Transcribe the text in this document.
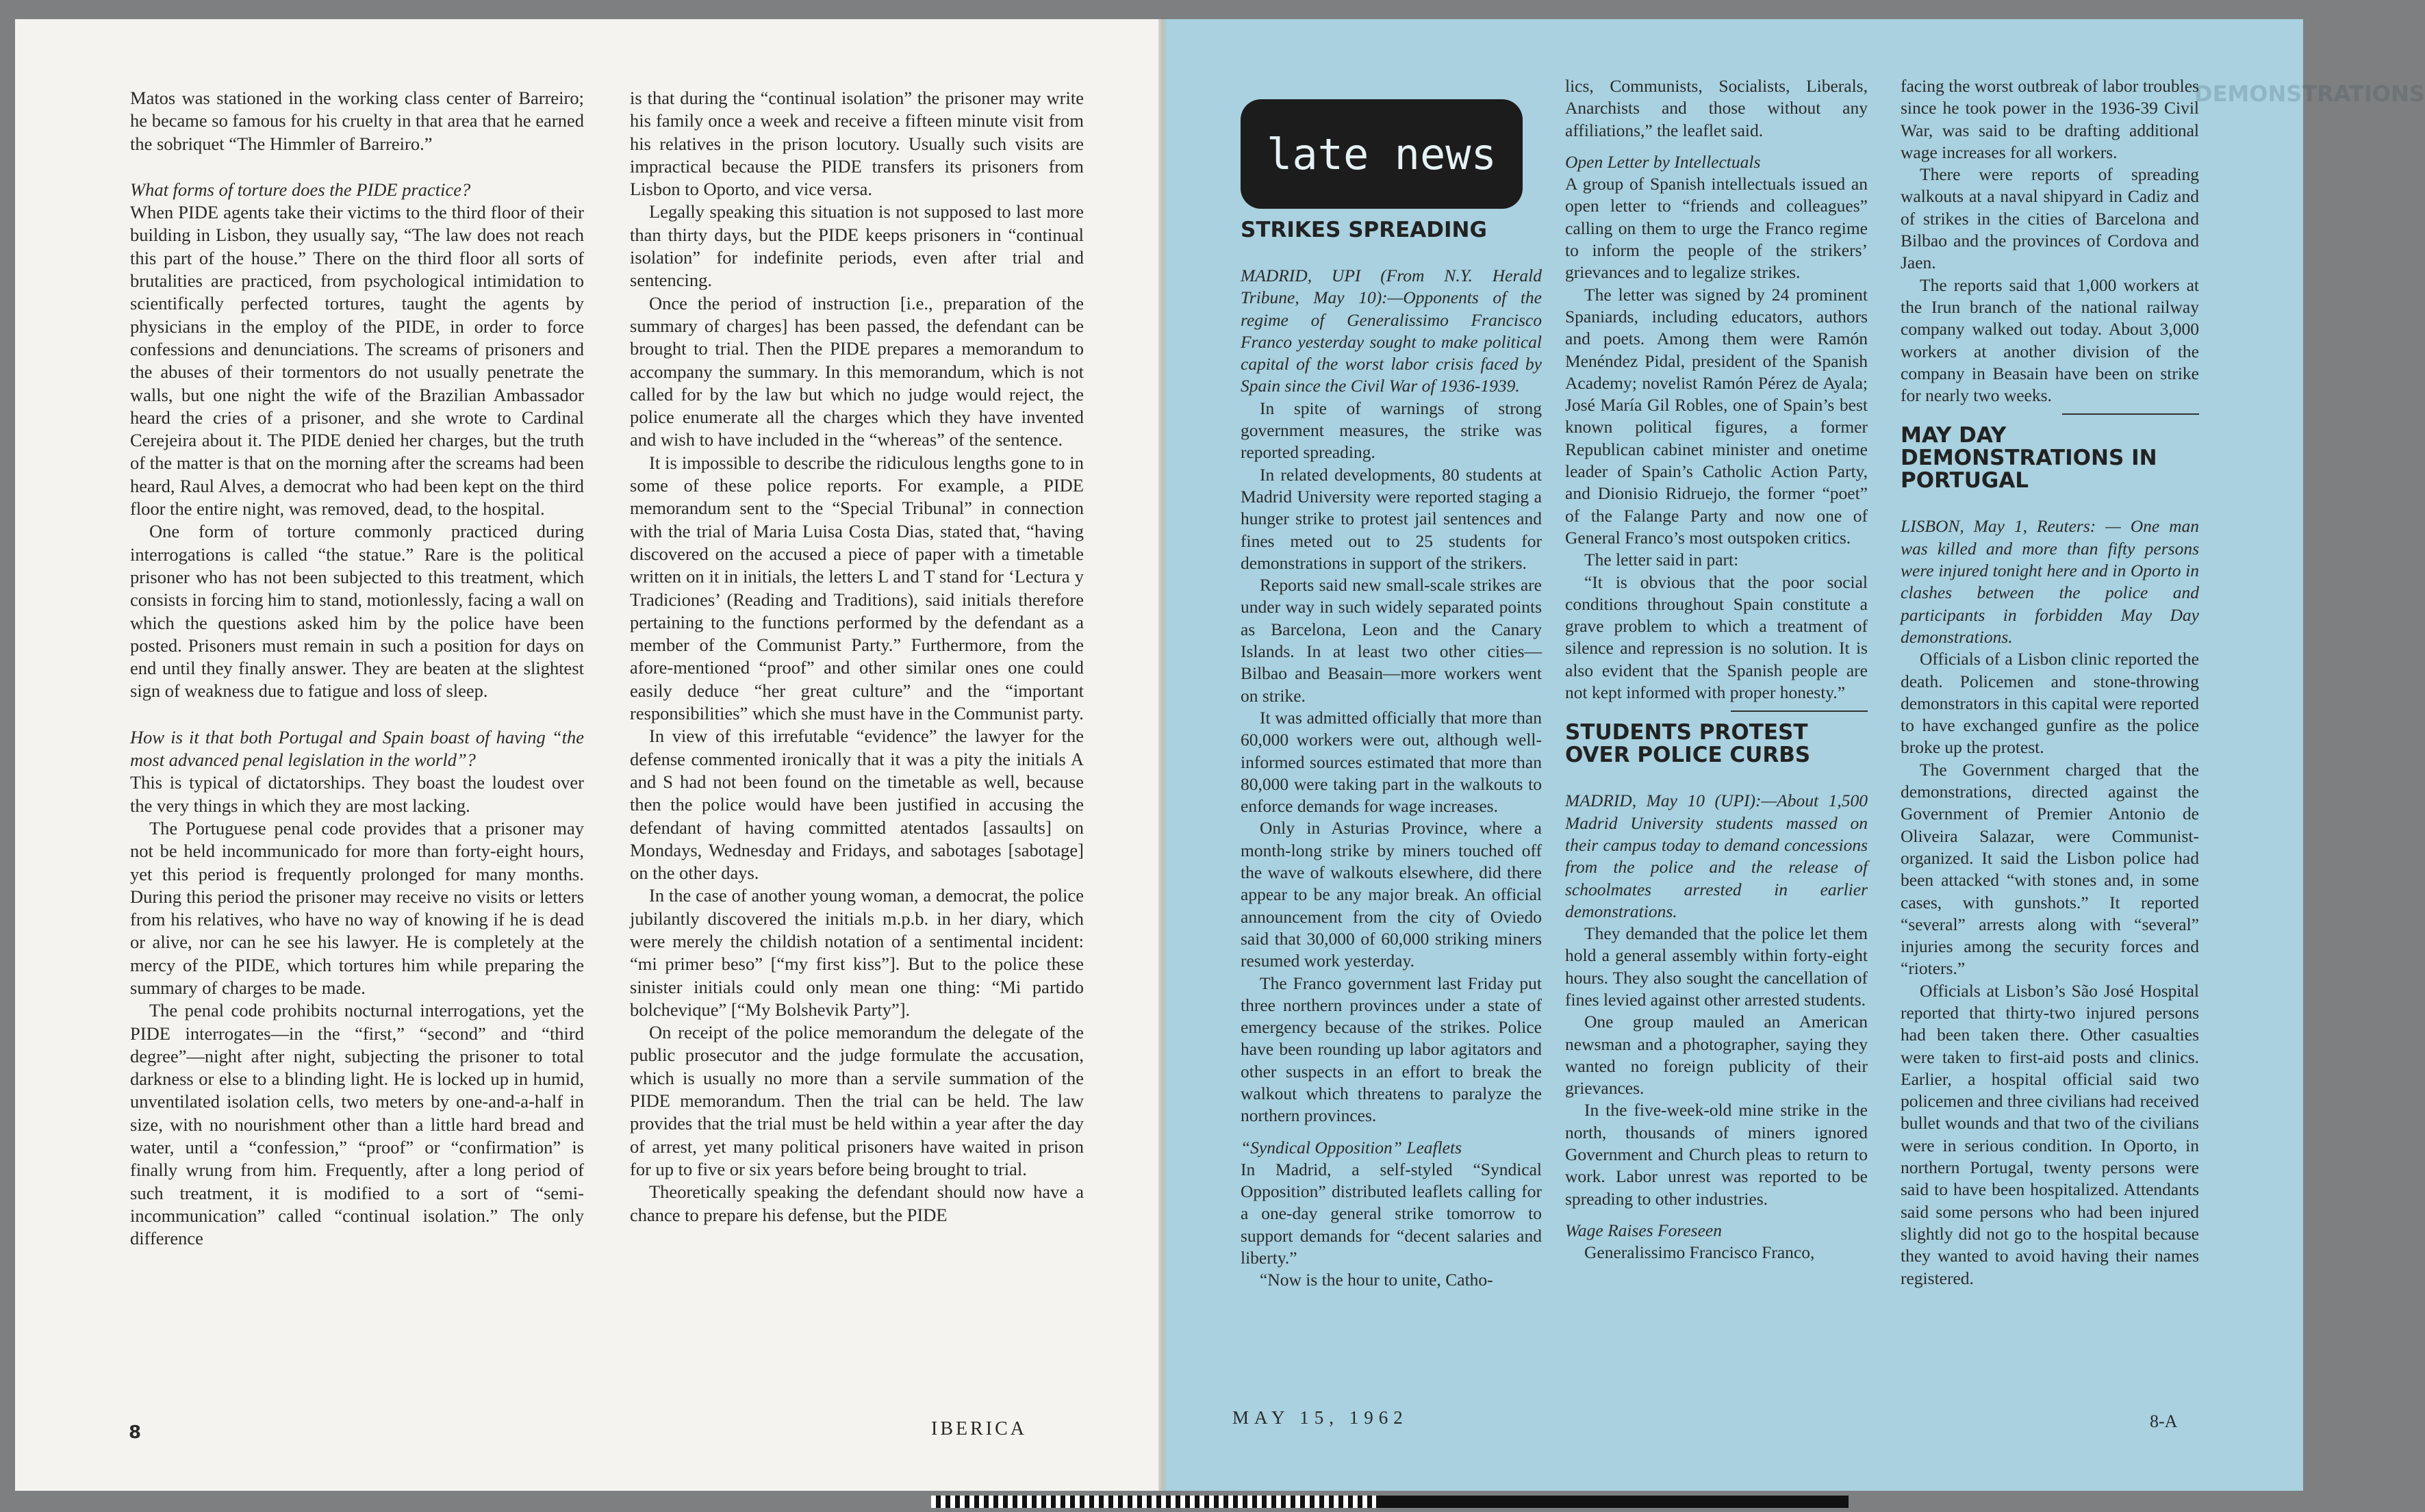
Matos was stationed in the working class center of Barreiro; he became so famous for his cruelty in that area that he earned the sobriquet “The Himmler of Barreiro.”

What forms of torture does the PIDE practice?

When PIDE agents take their victims to the third floor of their building in Lisbon, they usually say, “The law does not reach this part of the house.” There on the third floor all sorts of brutalities are practiced, from psychological intimidation to scientifically perfected tortures, taught the agents by physicians in the employ of the PIDE, in order to force confessions and denunciations. The screams of prisoners and the abuses of their tormentors do not usually penetrate the walls, but one night the wife of the Brazilian Ambassador heard the cries of a prisoner, and she wrote to Cardinal Cerejeira about it. The PIDE denied her charges, but the truth of the matter is that on the morning after the screams had been heard, Raul Alves, a democrat who had been kept on the third floor the entire night, was removed, dead, to the hospital.

One form of torture commonly practiced during interrogations is called “the statue.” Rare is the political prisoner who has not been subjected to this treatment, which consists in forcing him to stand, motionlessly, facing a wall on which the questions asked him by the police have been posted. Prisoners must remain in such a position for days on end until they finally answer. They are beaten at the slightest sign of weakness due to fatigue and loss of sleep.

How is it that both Portugal and Spain boast of having “the most advanced penal legislation in the world”?

This is typical of dictatorships. They boast the loudest over the very things in which they are most lacking.

The Portuguese penal code provides that a prisoner may not be held incommunicado for more than forty-eight hours, yet this period is frequently prolonged for many months. During this period the prisoner may receive no visits or letters from his relatives, who have no way of knowing if he is dead or alive, nor can he see his lawyer. He is completely at the mercy of the PIDE, which tortures him while preparing the summary of charges to be made.

The penal code prohibits nocturnal interrogations, yet the PIDE interrogates—in the “first,” “second” and “third degree”—night after night, subjecting the prisoner to total darkness or else to a blinding light. He is locked up in humid, unventilated isolation cells, two meters by one-and-a-half in size, with no nourishment other than a little hard bread and water, until a “confession,” “proof” or “confirmation” is finally wrung from him. Frequently, after a long period of such treatment, it is modified to a sort of “semi-incommunication” called “continual isolation.” The only difference

is that during the “continual isolation” the prisoner may write his family once a week and receive a fifteen minute visit from his relatives in the prison locutory. Usually such visits are impractical because the PIDE transfers its prisoners from Lisbon to Oporto, and vice versa.

Legally speaking this situation is not supposed to last more than thirty days, but the PIDE keeps prisoners in “continual isolation” for indefinite periods, even after trial and sentencing.

Once the period of instruction [i.e., preparation of the summary of charges] has been passed, the defendant can be brought to trial. Then the PIDE prepares a memorandum to accompany the summary. In this memorandum, which is not called for by the law but which no judge would reject, the police enumerate all the charges which they have invented and wish to have included in the “whereas” of the sentence.

It is impossible to describe the ridiculous lengths gone to in some of these police reports. For example, a PIDE memorandum sent to the “Special Tribunal” in connection with the trial of Maria Luisa Costa Dias, stated that, “having discovered on the accused a piece of paper with a timetable written on it in initials, the letters L and T stand for ‘Lectura y Tradiciones’ (Reading and Traditions), said initials therefore pertaining to the functions performed by the defendant as a member of the Communist Party.” Furthermore, from the afore-mentioned “proof” and other similar ones one could easily deduce “her great culture” and the “important responsibilities” which she must have in the Communist party.

In view of this irrefutable “evidence” the lawyer for the defense commented ironically that it was a pity the initials A and S had not been found on the timetable as well, because then the police would have been justified in accusing the defendant of having committed atentados [assaults] on Mondays, Wednesday and Fridays, and sabotages [sabotage] on the other days.

In the case of another young woman, a democrat, the police jubilantly discovered the initials m.p.b. in her diary, which were merely the childish notation of a sentimental incident: “mi primer beso” [“my first kiss”]. But to the police these sinister initials could only mean one thing: “Mi partido bolchevique” [“My Bolshevik Party”].

On receipt of the police memorandum the delegate of the public prosecutor and the judge formulate the accusation, which is usually no more than a servile summation of the PIDE memorandum. Then the trial can be held. The law provides that the trial must be held within a year after the day of arrest, yet many political prisoners have waited in prison for up to five or six years before being brought to trial.

Theoretically speaking the defendant should now have a chance to prepare his defense, but the PIDE

8	IBERICA
late news
DEMONSTRATIONS
STRIKES SPREADING

MADRID, UPI (From N.Y. Herald Tribune, May 10):—Opponents of the regime of Generalissimo Francisco Franco yesterday sought to make political capital of the worst labor crisis faced by Spain since the Civil War of 1936-1939.

In spite of warnings of strong government measures, the strike was reported spreading.

In related developments, 80 students at Madrid University were reported staging a hunger strike to protest jail sentences and fines meted out to 25 students for demonstrations in support of the strikers.

Reports said new small-scale strikes are under way in such widely separated points as Barcelona, Leon and the Canary Islands. In at least two other cities—Bilbao and Beasain—more workers went on strike.

It was admitted officially that more than 60,000 workers were out, although well-informed sources estimated that more than 80,000 were taking part in the walkouts to enforce demands for wage increases.

Only in Asturias Province, where a month-long strike by miners touched off the wave of walkouts elsewhere, did there appear to be any major break. An official announcement from the city of Oviedo said that 30,000 of 60,000 striking miners resumed work yesterday.

The Franco government last Friday put three northern provinces under a state of emergency because of the strikes. Police have been rounding up labor agitators and other suspects in an effort to break the walkout which threatens to paralyze the northern provinces.

“Syndical Opposition” Leaflets

In Madrid, a self-styled “Syndical Opposition” distributed leaflets calling for a one-day general strike tomorrow to support demands for “decent salaries and liberty.”

“Now is the hour to unite, Catho-

lics, Communists, Socialists, Liberals, Anarchists and those without any affiliations,” the leaflet said.

Open Letter by Intellectuals

A group of Spanish intellectuals issued an open letter to “friends and colleagues” calling on them to urge the Franco regime to inform the people of the strikers’ grievances and to legalize strikes.

The letter was signed by 24 prominent Spaniards, including educators, authors and poets. Among them were Ramón Menéndez Pidal, president of the Spanish Academy; novelist Ramón Pérez de Ayala; José María Gil Robles, one of Spain’s best known political figures, a former Republican cabinet minister and onetime leader of Spain’s Catholic Action Party, and Dionisio Ridruejo, the former “poet” of the Falange Party and now one of General Franco’s most outspoken critics.

The letter said in part:

“It is obvious that the poor social conditions throughout Spain constitute a grave problem to which a treatment of silence and repression is no solution. It is also evident that the Spanish people are not kept informed with proper honesty.”

STUDENTS PROTEST OVER POLICE CURBS

MADRID, May 10 (UPI):—About 1,500 Madrid University students massed on their campus today to demand concessions from the police and the release of schoolmates arrested in earlier demonstrations.

They demanded that the police let them hold a general assembly within forty-eight hours. They also sought the cancellation of fines levied against other arrested students.

One group mauled an American newsman and a photographer, saying they wanted no foreign publicity of their grievances.

In the five-week-old mine strike in the north, thousands of miners ignored Government and Church pleas to return to work. Labor unrest was reported to be spreading to other industries.

Wage Raises Foreseen

Generalissimo Francisco Franco,

facing the worst outbreak of labor troubles since he took power in the 1936-39 Civil War, was said to be drafting additional wage increases for all workers.

There were reports of spreading walkouts at a naval shipyard in Cadiz and of strikes in the cities of Barcelona and Bilbao and the provinces of Cordova and Jaen.

The reports said that 1,000 workers at the Irun branch of the national railway company walked out today. About 3,000 workers at another division of the company in Beasain have been on strike for nearly two weeks.

MAY DAY DEMONSTRATIONS IN PORTUGAL

LISBON, May 1, Reuters: — One man was killed and more than fifty persons were injured tonight here and in Oporto in clashes between the police and participants in forbidden May Day demonstrations.

Officials of a Lisbon clinic reported the death. Policemen and stone-throwing demonstrators in this capital were reported to have exchanged gunfire as the police broke up the protest.

The Government charged that the demonstrations, directed against the Government of Premier Antonio de Oliveira Salazar, were Communist-organized. It said the Lisbon police had been attacked “with stones and, in some cases, with gunshots.” It reported “several” arrests along with “several” injuries among the security forces and “rioters.”

Officials at Lisbon’s São José Hospital reported that thirty-two injured persons had been taken there. Other casualties were taken to first-aid posts and clinics. Earlier, a hospital official said two policemen and three civilians had received bullet wounds and that two of the civilians were in serious condition. In Oporto, in northern Portugal, twenty persons were said to have been hospitalized. Attendants said some persons who had been injured slightly did not go to the hospital because they wanted to avoid having their names registered.

MAY 15, 1962	8-A
